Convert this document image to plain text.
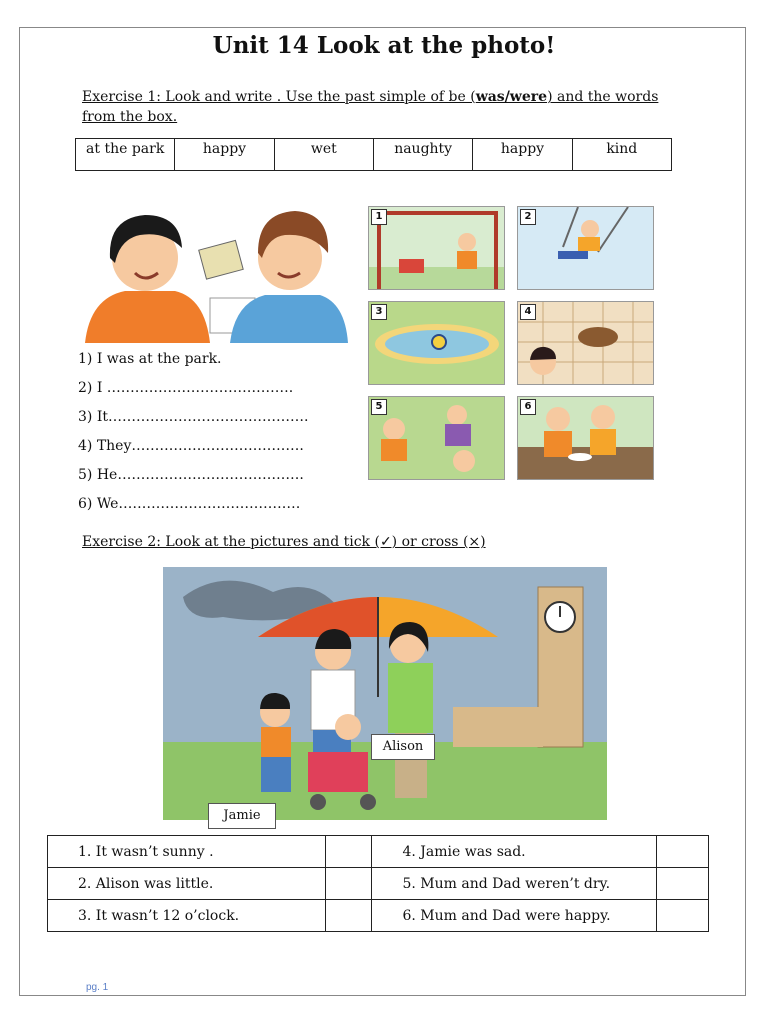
Unit 14 Look at the photo!
Exercise 1: Look and write . Use the past simple of be (was/were) and the words from the box.
at the park	happy	wet	naughty	happy	kind
1) I was at the park.
2) I ………………………………….
3) It…………………………………….
4) They……………………………….
5) He………………………………….
6) We…………………………………
1	2
3	4
5	6
Exercise 2: Look at the pictures and tick (✓) or cross (×)
Alison
Jamie
1. It wasn’t sunny .		4. Jamie was sad.	
2. Alison was little.		5. Mum and Dad weren’t dry.	
3. It wasn’t 12 o’clock.		6. Mum and Dad were happy.	
pg. 1
